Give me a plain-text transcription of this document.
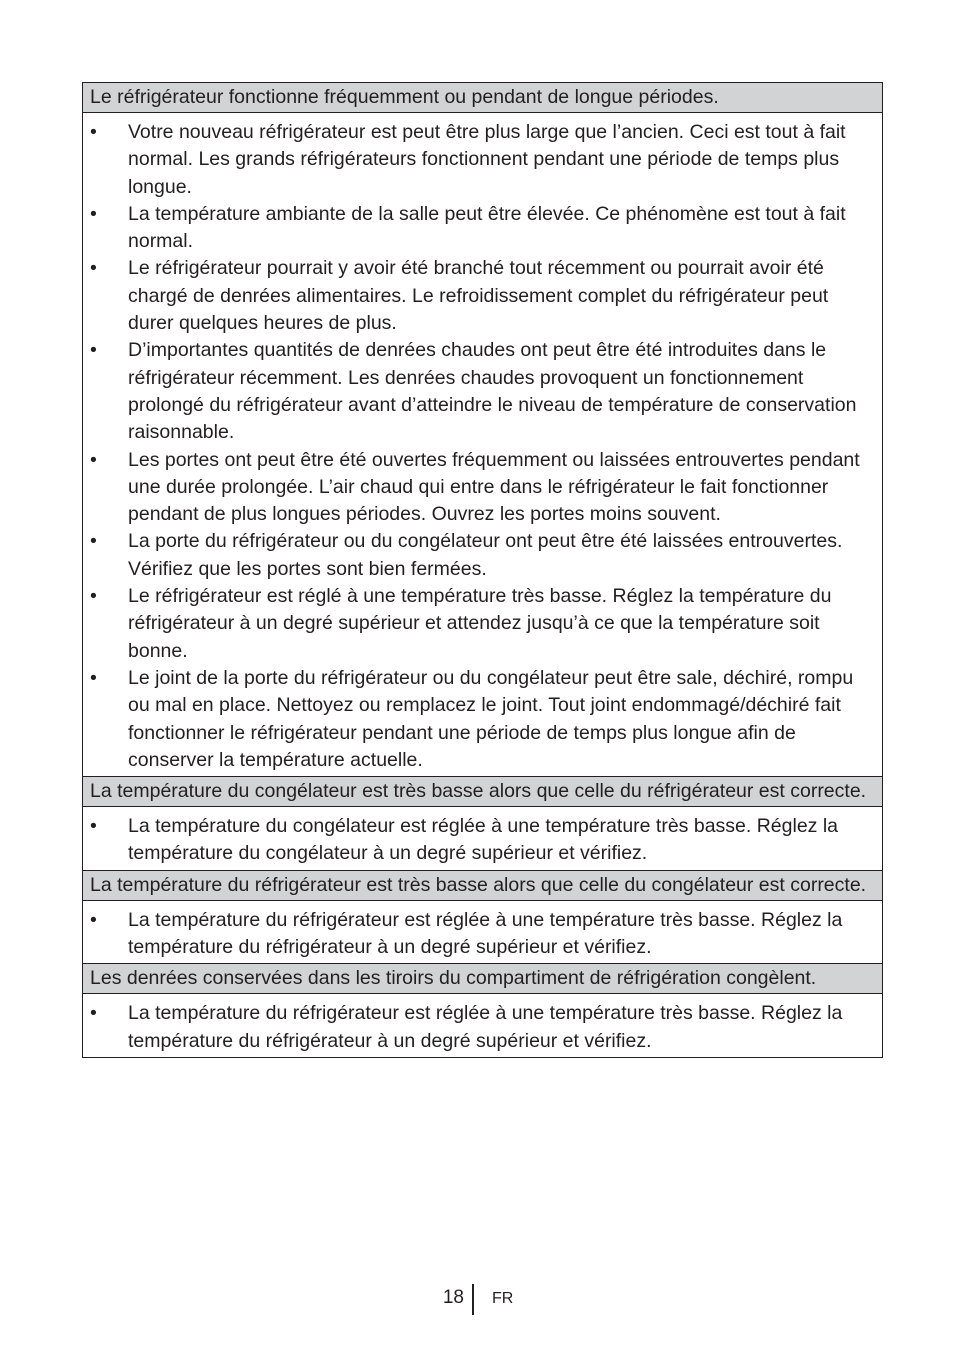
Le réfrigérateur fonctionne fréquemment ou pendant de longue périodes.
•	Votre nouveau réfrigérateur est peut être plus large que l’ancien. Ceci est tout à fait normal. Les grands réfrigérateurs fonctionnent pendant une période de temps plus longue.
•	La température ambiante de la salle peut être élevée. Ce phénomène est tout à fait normal.
•	Le réfrigérateur pourrait y avoir été branché tout récemment ou pourrait avoir été chargé de denrées alimentaires. Le refroidissement complet du réfrigérateur peut durer quelques heures de plus.
•	D’importantes quantités de denrées chaudes ont peut être été introduites dans le réfrigérateur récemment. Les denrées chaudes provoquent un fonctionnement prolongé du réfrigérateur avant d’atteindre le niveau de température de conservation raisonnable.
•	Les portes ont peut être été ouvertes fréquemment ou laissées entrouvertes pendant une durée prolongée. L’air chaud qui entre dans le réfrigérateur le fait fonctionner pendant de plus longues périodes. Ouvrez les portes moins souvent.
•	La porte du réfrigérateur ou du congélateur ont peut être été laissées entrouvertes. Vérifiez que les portes sont bien fermées.
•	Le réfrigérateur est réglé à une température très basse. Réglez la température du réfrigérateur à un degré supérieur et attendez jusqu’à ce que la température soit bonne.
•	Le joint de la porte du réfrigérateur ou du congélateur peut être sale, déchiré, rompu ou mal en place. Nettoyez ou remplacez le joint. Tout joint endommagé/déchiré fait fonctionner le réfrigérateur pendant une période de temps plus longue afin de conserver la température actuelle.
La température du congélateur est très basse alors que celle du réfrigérateur est correcte.
•	La température du congélateur est réglée à une température très basse. Réglez la température du congélateur à un degré supérieur et vérifiez.
La température du réfrigérateur est très basse alors que celle du congélateur est correcte.
•	La température du réfrigérateur est réglée à une température très basse. Réglez la température du réfrigérateur à un degré supérieur et vérifiez.
Les denrées conservées dans les tiroirs du compartiment de réfrigération congèlent.
•	La température du réfrigérateur est réglée à une température très basse. Réglez la température du réfrigérateur à un degré supérieur et vérifiez.
18 FR
